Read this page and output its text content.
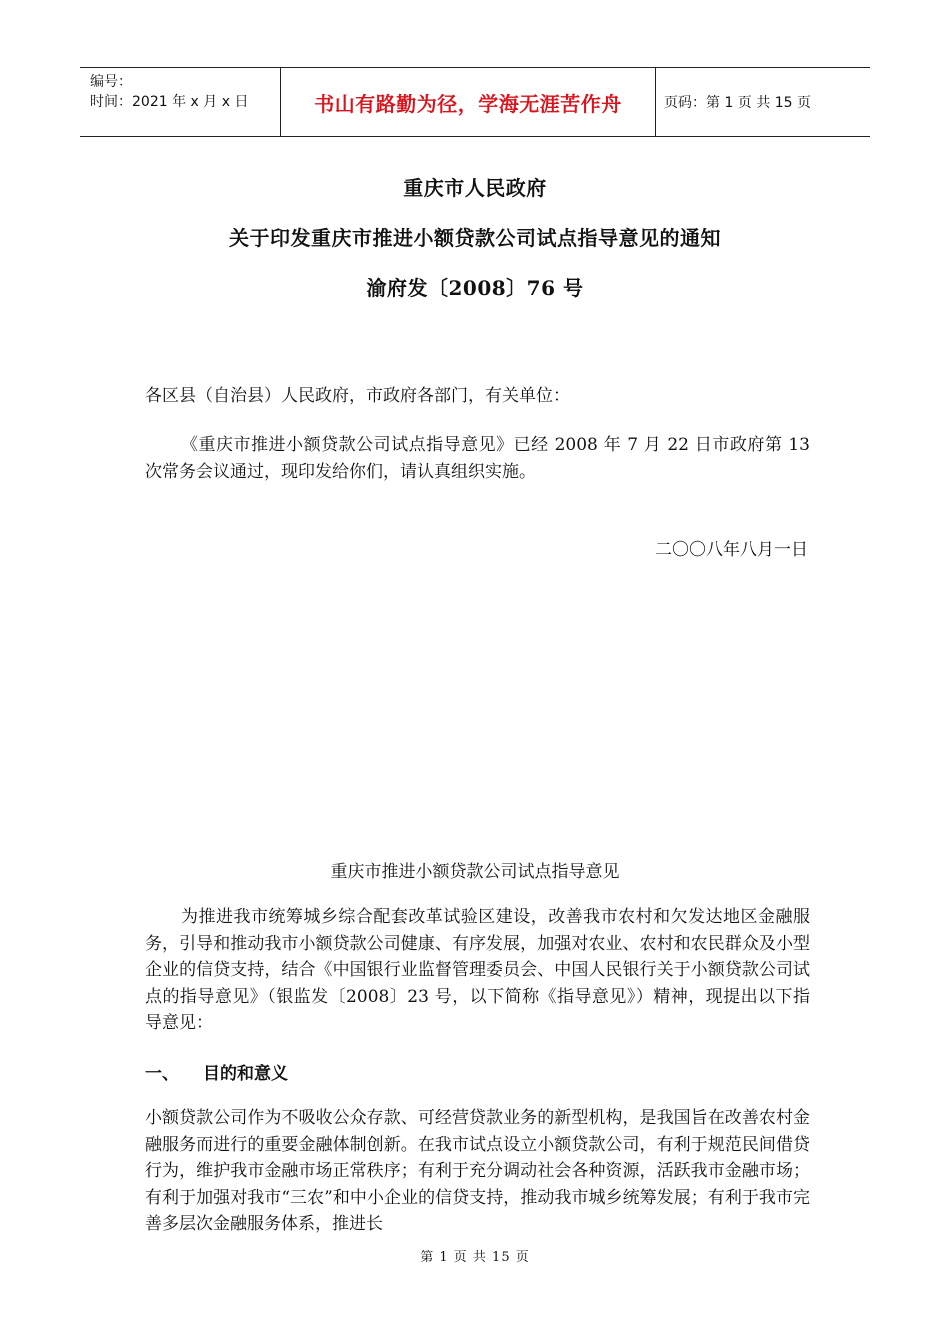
编号：
时间：2021 年 x 月 x 日	书山有路勤为径，学海无涯苦作舟	页码：第 1 页 共 15 页
重庆市人民政府
关于印发重庆市推进小额贷款公司试点指导意见的通知
渝府发〔2008〕76 号
各区县（自治县）人民政府，市政府各部门，有关单位：
《重庆市推进小额贷款公司试点指导意见》已经 2008 年 7 月 22 日市政府第 13 次常务会议通过，现印发给你们，请认真组织实施。
二〇〇八年八月一日
重庆市推进小额贷款公司试点指导意见
为推进我市统筹城乡综合配套改革试验区建设，改善我市农村和欠发达地区金融服务，引导和推动我市小额贷款公司健康、有序发展，加强对农业、农村和农民群众及小型企业的信贷支持，结合《中国银行业监督管理委员会、中国人民银行关于小额贷款公司试点的指导意见》（银监发〔2008〕23 号，以下简称《指导意见》）精神，现提出以下指导意见：
一、	目的和意义
小额贷款公司作为不吸收公众存款、可经营贷款业务的新型机构，是我国旨在改善农村金融服务而进行的重要金融体制创新。在我市试点设立小额贷款公司，有利于规范民间借贷行为，维护我市金融市场正常秩序；有利于充分调动社会各种资源，活跃我市金融市场；有利于加强对我市“三农”和中小企业的信贷支持，推动我市城乡统筹发展；有利于我市完善多层次金融服务体系，推进长
第 1 页 共 15 页
